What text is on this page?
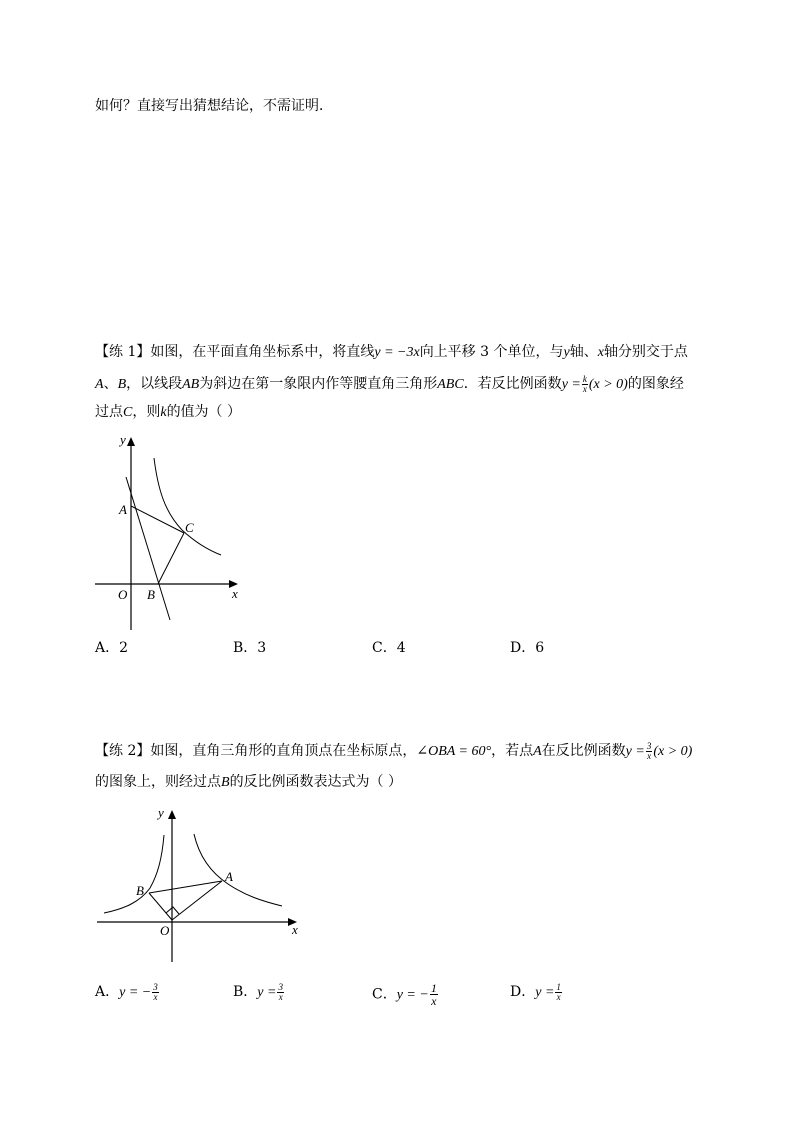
如何？直接写出猜想结论，不需证明．
【练 1】如图，在平面直角坐标系中，将直线y = −3x向上平移 3 个单位，与y轴、x轴分别交于点
A、B，以线段AB为斜边在第一象限内作等腰直角三角形ABC．若反比例函数$y = \frac{k}{x} (x > 0)$的图象经
过点C，则k的值为（ ）
y
x
O
A
B
C
A．2	B．3	C．4	D．6
【练 2】如图，直角三角形的直角顶点在坐标原点，∠OBA = 60°，若点A在反比例函数$y = \frac{3}{x} (x > 0)$
的图象上，则经过点B的反比例函数表达式为（ ）
y
x
O
A
B
A．y = − $\frac{3}{x}$	B．$y = \frac{3}{x}$	C．y = − $\frac{1}{x}$	D．$y = \frac{1}{x}$
